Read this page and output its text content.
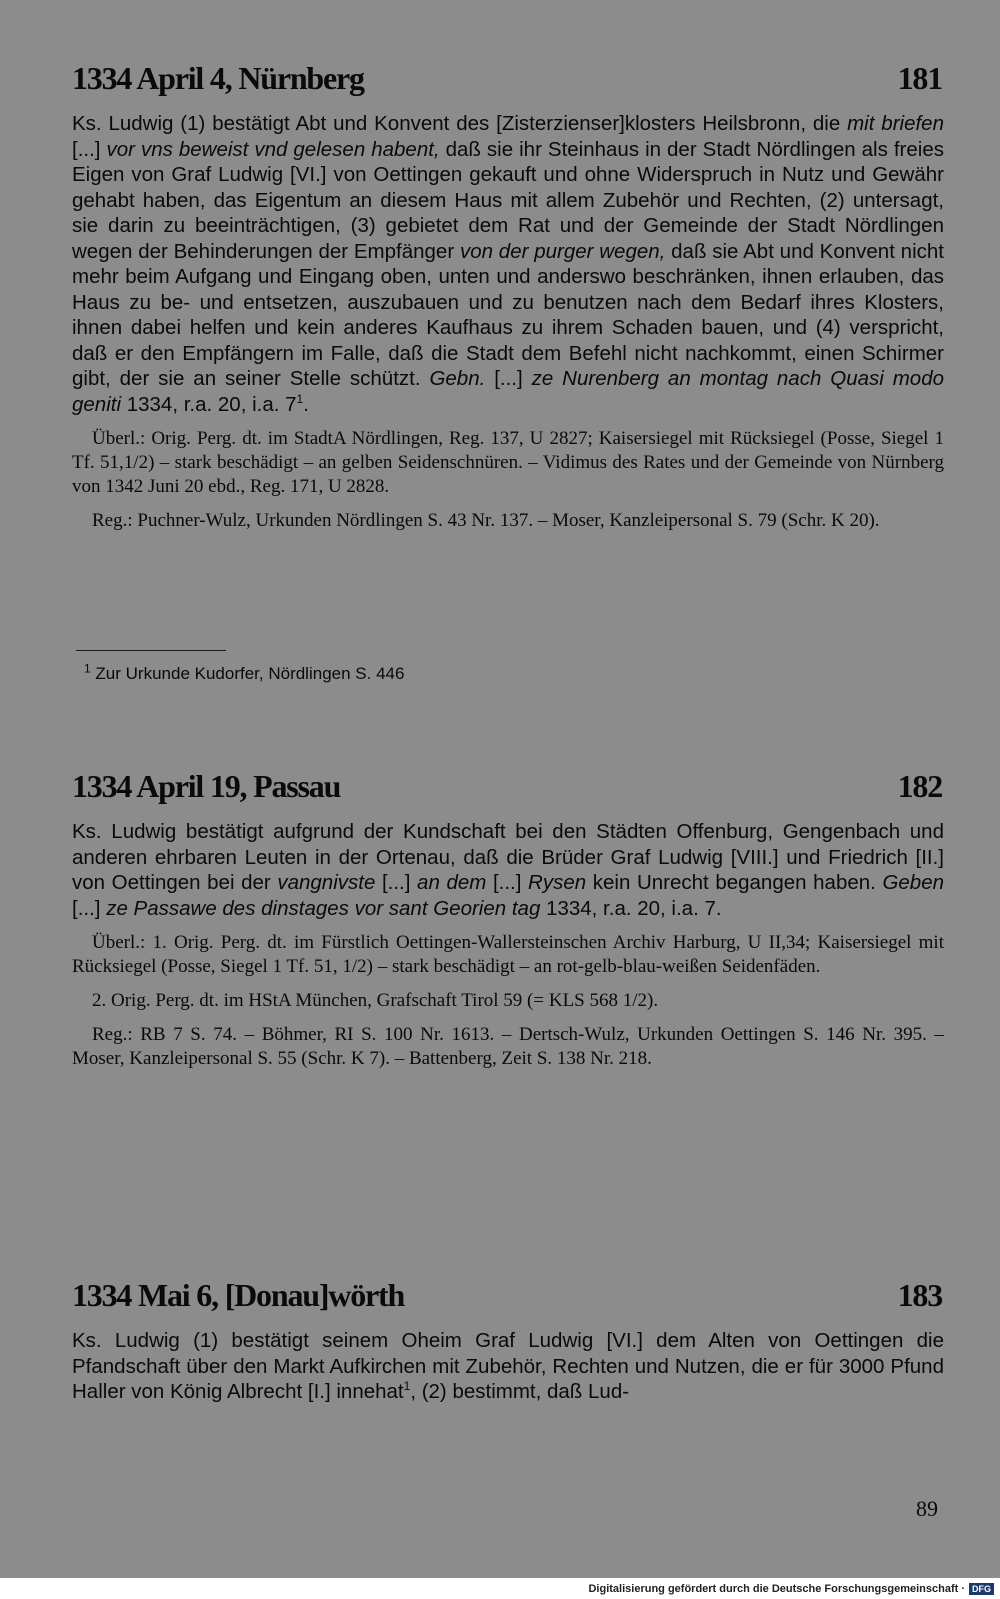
1334 April 4, Nürnberg	181

Ks. Ludwig (1) bestätigt Abt und Konvent des [Zisterzienser]klosters Heilsbronn, die mit briefen [...] vor vns beweist vnd gelesen habent, daß sie ihr Steinhaus in der Stadt Nördlingen als freies Eigen von Graf Ludwig [VI.] von Oettingen gekauft und ohne Widerspruch in Nutz und Gewähr gehabt haben, das Eigentum an diesem Haus mit allem Zubehör und Rechten, (2) untersagt, sie darin zu beeinträchtigen, (3) gebietet dem Rat und der Gemeinde der Stadt Nördlingen wegen der Behinderungen der Empfänger von der purger wegen, daß sie Abt und Konvent nicht mehr beim Aufgang und Eingang oben, unten und anderswo beschränken, ihnen erlauben, das Haus zu be- und entsetzen, auszubauen und zu benutzen nach dem Bedarf ihres Klosters, ihnen dabei helfen und kein anderes Kaufhaus zu ihrem Schaden bauen, und (4) verspricht, daß er den Empfängern im Falle, daß die Stadt dem Befehl nicht nachkommt, einen Schirmer gibt, der sie an seiner Stelle schützt. Gebn. [...] ze Nurenberg an montag nach Quasi modo geniti 1334, r.a. 20, i.a. $7^1$.

Überl.: Orig. Perg. dt. im StadtA Nördlingen, Reg. 137, U 2827; Kaisersiegel mit Rücksiegel (Posse, Siegel 1 Tf. 51,1/2) – stark beschädigt – an gelben Seidenschnüren. – Vidimus des Rates und der Gemeinde von Nürnberg von 1342 Juni 20 ebd., Reg. 171, U 2828.

Reg.: Puchner-Wulz, Urkunden Nördlingen S. 43 Nr. 137. – Moser, Kanzleipersonal S. 79 (Schr. K 20).

$^1$ Zur Urkunde Kudorfer, Nördlingen S. 446
1334 April 19, Passau	182

Ks. Ludwig bestätigt aufgrund der Kundschaft bei den Städten Offenburg, Gengenbach und anderen ehrbaren Leuten in der Ortenau, daß die Brüder Graf Ludwig [VIII.] und Friedrich [II.] von Oettingen bei der vangnivste [...] an dem [...] Rysen kein Unrecht begangen haben. Geben [...] ze Passawe des dinstages vor sant Georien tag 1334, r.a. 20, i.a. 7.

Überl.: 1. Orig. Perg. dt. im Fürstlich Oettingen-Wallersteinschen Archiv Harburg, U II,34; Kaisersiegel mit Rücksiegel (Posse, Siegel 1 Tf. 51, 1/2) – stark beschädigt – an rot-gelb-blau-weißen Seidenfäden.

2. Orig. Perg. dt. im HStA München, Grafschaft Tirol 59 (= KLS 568 1/2).

Reg.: RB 7 S. 74. – Böhmer, RI S. 100 Nr. 1613. – Dertsch-Wulz, Urkunden Oettingen S. 146 Nr. 395. – Moser, Kanzleipersonal S. 55 (Schr. K 7). – Battenberg, Zeit S. 138 Nr. 218.

1334 Mai 6, [Donau]wörth	183

Ks. Ludwig (1) bestätigt seinem Oheim Graf Ludwig [VI.] dem Alten von Oettingen die Pfandschaft über den Markt Aufkirchen mit Zubehör, Rechten und Nutzen, die er für 3000 Pfund Haller von König Albrecht [I.] innehat$^1$, (2) bestimmt, daß Lud-

89
Digitalisierung gefördert durch die Deutsche Forschungsgemeinschaft · DFG
